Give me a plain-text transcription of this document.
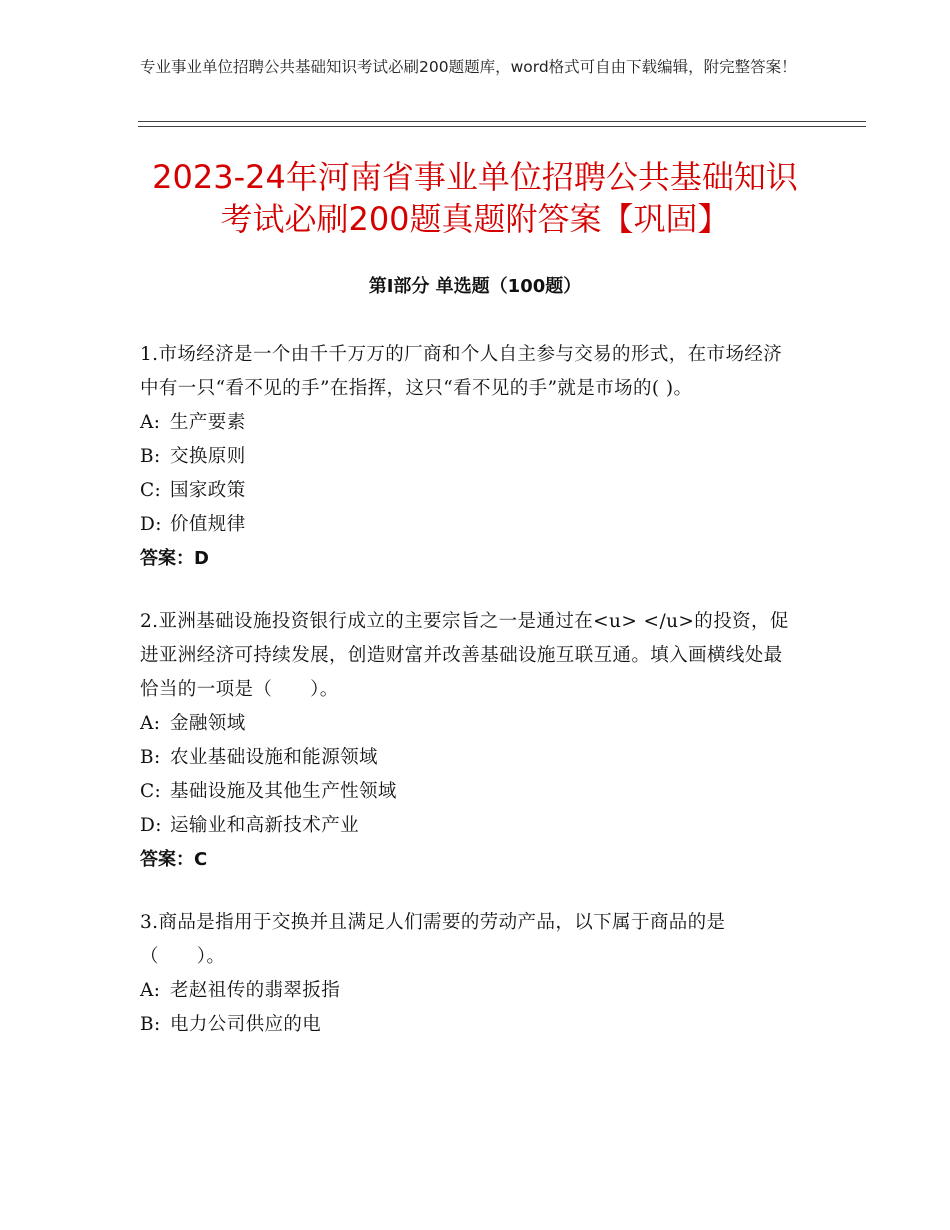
专业事业单位招聘公共基础知识考试必刷200题题库，word格式可自由下载编辑，附完整答案！
2023-24年河南省事业单位招聘公共基础知识考试必刷200题真题附答案【巩固】
第Ⅰ部分 单选题（100题）
1.市场经济是一个由千千万万的厂商和个人自主参与交易的形式，在市场经济中有一只“看不见的手”在指挥，这只“看不见的手”就是市场的( )。
A: 生产要素
B: 交换原则
C: 国家政策
D: 价值规律
答案：D
2.亚洲基础设施投资银行成立的主要宗旨之一是通过在<u> </u>的投资，促进亚洲经济可持续发展，创造财富并改善基础设施互联互通。填入画横线处最恰当的一项是（　　）。
A: 金融领域
B: 农业基础设施和能源领域
C: 基础设施及其他生产性领域
D: 运输业和高新技术产业
答案：C
3.商品是指用于交换并且满足人们需要的劳动产品，以下属于商品的是（　　）。
A: 老赵祖传的翡翠扳指
B: 电力公司供应的电
